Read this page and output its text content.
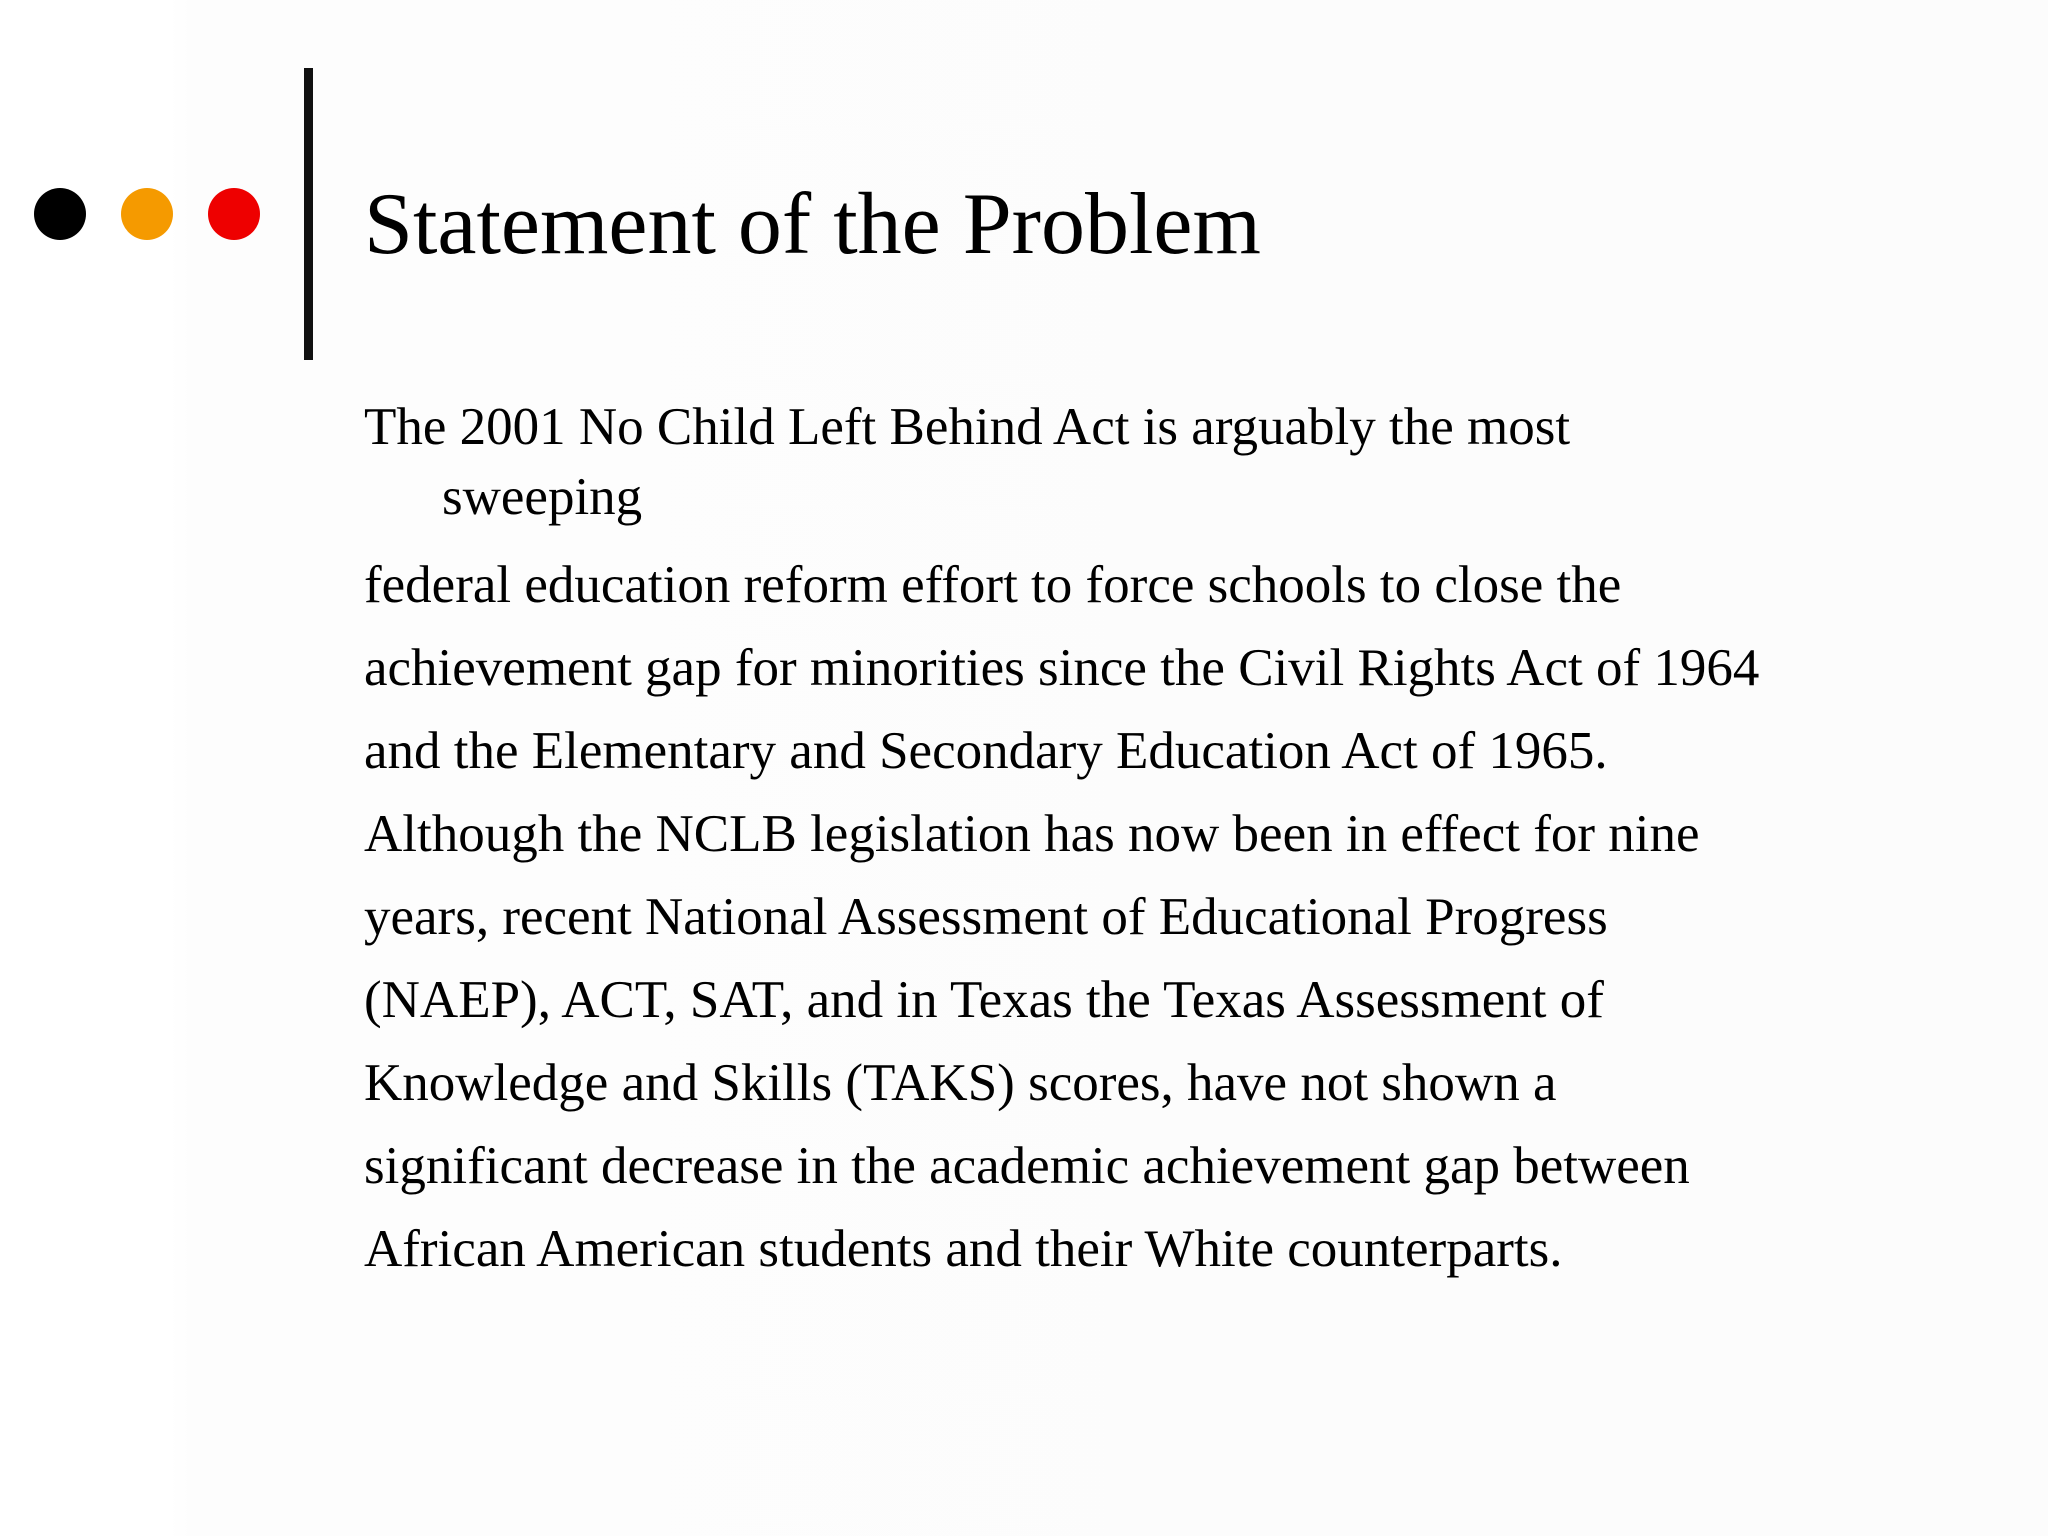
Statement of the Problem

The 2001 No Child Left Behind Act is arguably the most
sweeping

federal education reform effort to force schools to close the

achievement gap for minorities since the Civil Rights Act of 1964

and the Elementary and Secondary Education Act of 1965.

Although the NCLB legislation has now been in effect for nine

years, recent National Assessment of Educational Progress

(NAEP), ACT, SAT, and in Texas the Texas Assessment of

Knowledge and Skills (TAKS) scores, have not shown a

significant decrease in the academic achievement gap between

African American students and their White counterparts.
